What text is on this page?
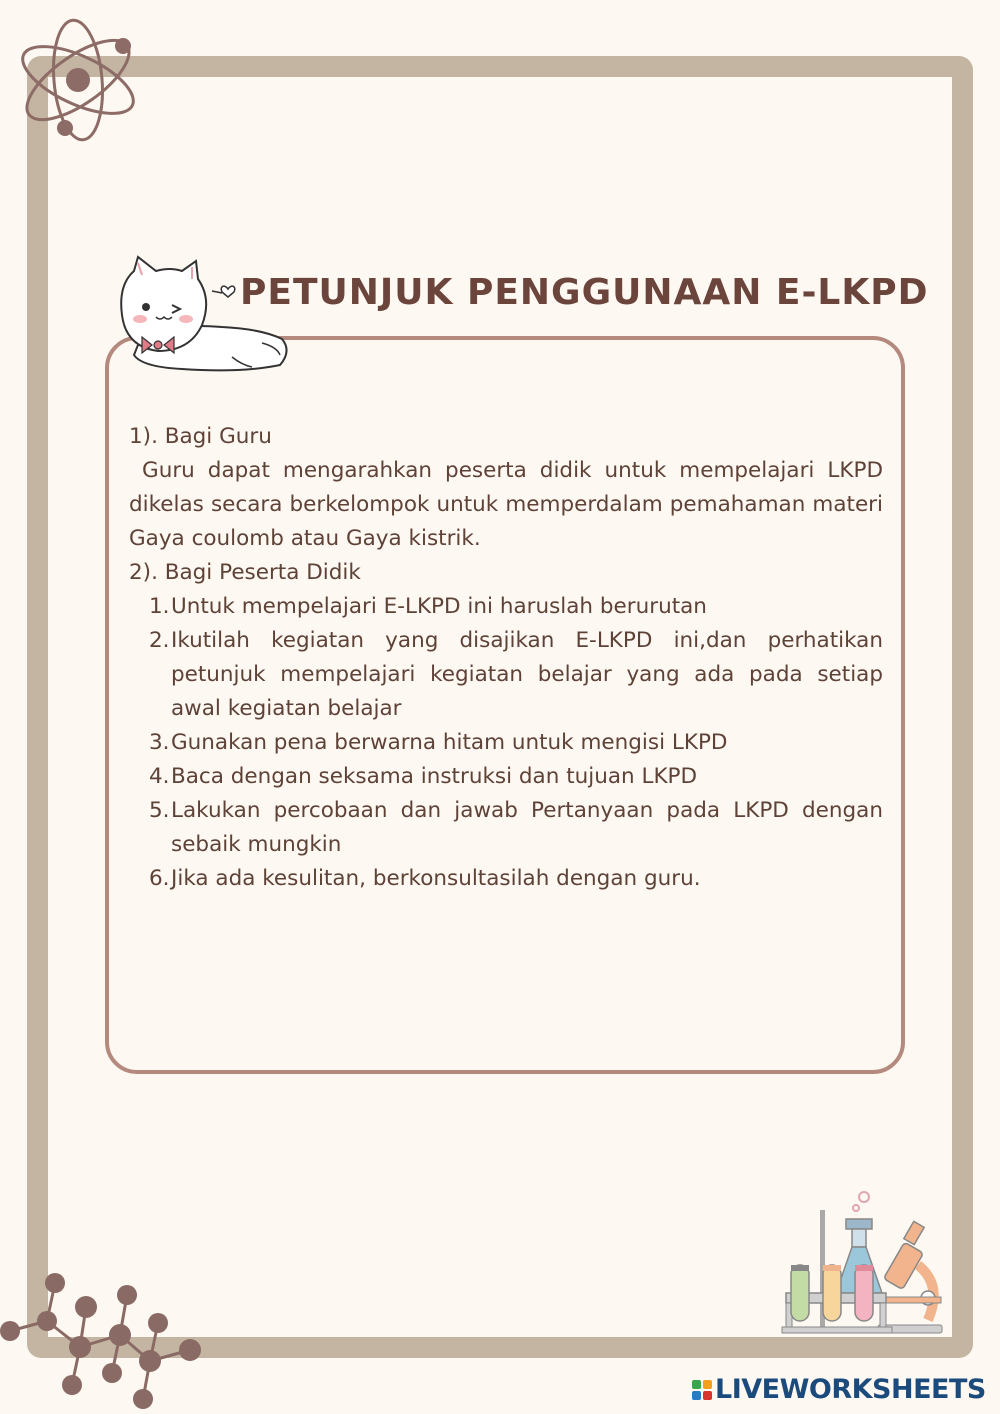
PETUNJUK PENGGUNAAN E-LKPD
1). Bagi Guru

Guru dapat mengarahkan peserta didik untuk mempelajari LKPD dikelas secara berkelompok untuk memperdalam pemahaman materi Gaya coulomb atau Gaya kistrik.

2). Bagi Peserta Didik
1. Untuk mempelajari E-LKPD ini haruslah berurutan
2. Ikutilah kegiatan yang disajikan E-LKPD ini,dan perhatikan petunjuk mempelajari kegiatan belajar yang ada pada setiap awal kegiatan belajar
3. Gunakan pena berwarna hitam untuk mengisi LKPD
4. Baca dengan seksama instruksi dan tujuan LKPD
5. Lakukan percobaan dan jawab Pertanyaan pada LKPD dengan sebaik mungkin
6. Jika ada kesulitan, berkonsultasilah dengan guru.
LIVEWORKSHEETS
